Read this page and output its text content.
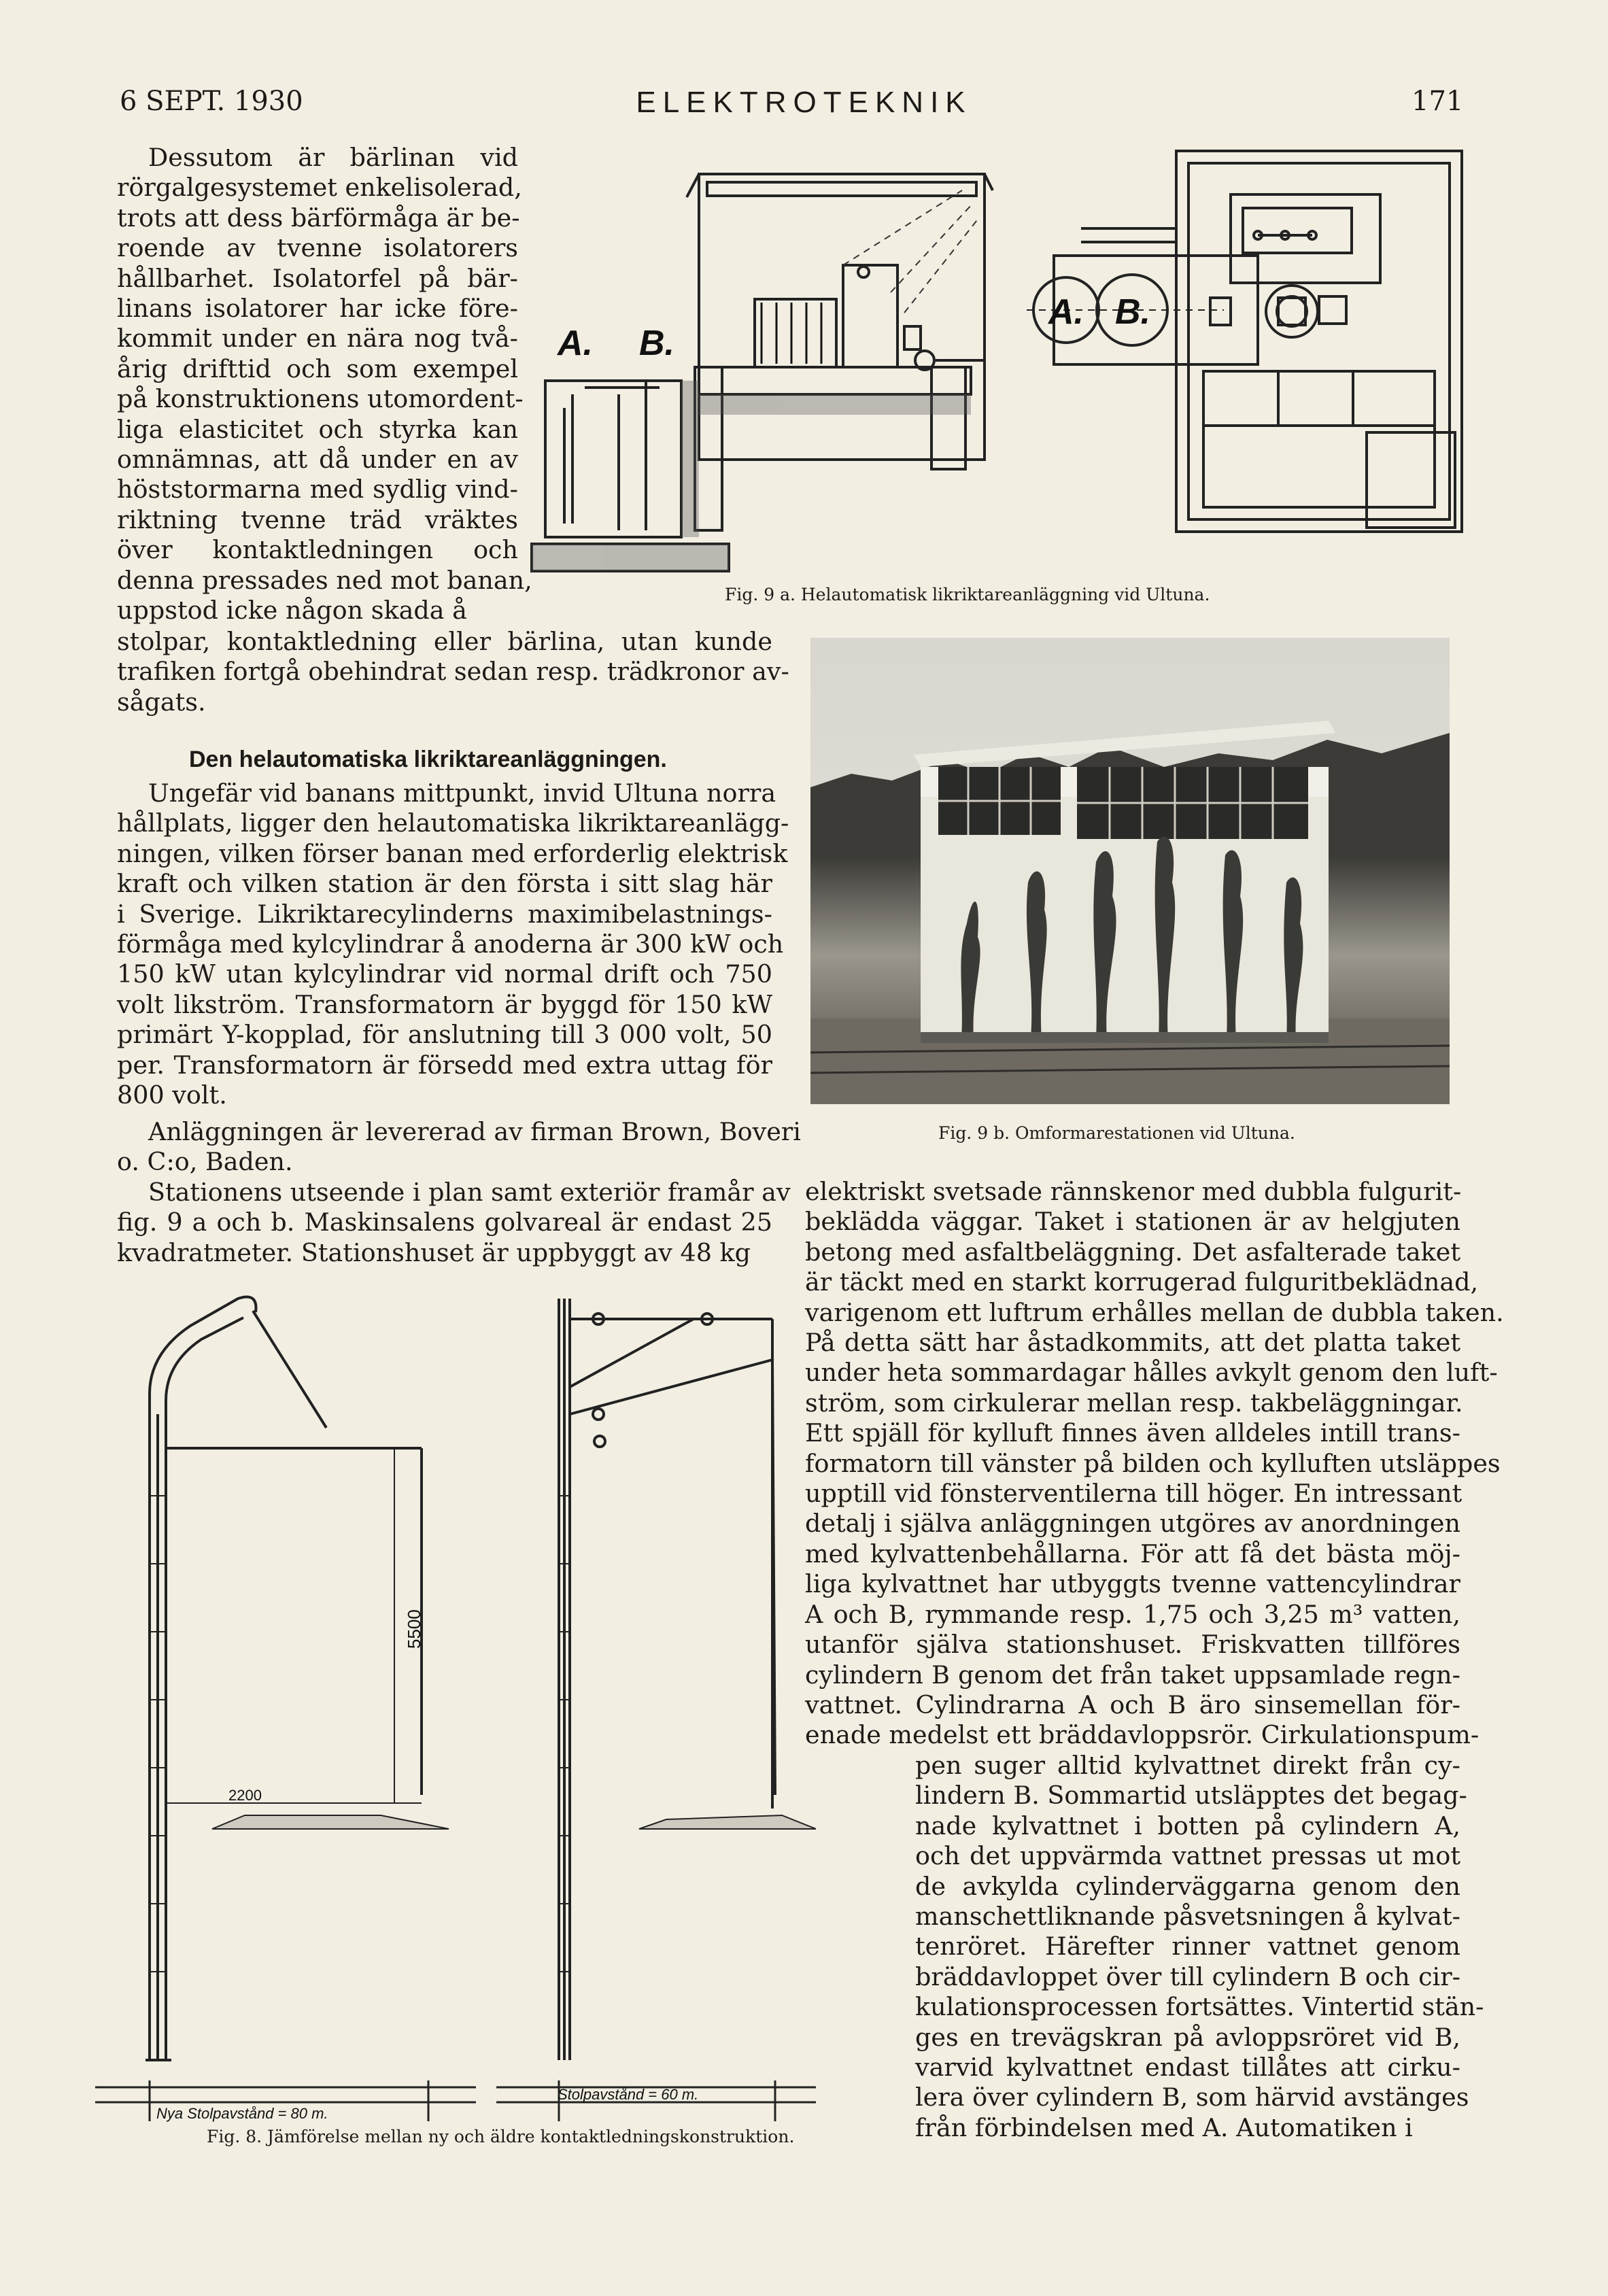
6 SEPT. 1930	ELEKTROTEKNIK	171
Dessutom är bärlinan vid
rörgalgesystemet enkelisolerad,
trots att dess bärförmåga är be-
roende av tvenne isolatorers
hållbarhet. Isolatorfel på bär-
linans isolatorer har icke före-
kommit under en nära nog två-
årig drifttid och som exempel
på konstruktionens utomordent-
liga elasticitet och styrka kan
omnämnas, att då under en av
höststormarna med sydlig vind-
riktning tvenne träd vräktes
över kontaktledningen och
denna pressades ned mot banan,
uppstod icke någon skada å
stolpar, kontaktledning eller bärlina, utan kunde
trafiken fortgå obehindrat sedan resp. trädkronor av-
sågats.
Den helautomatiska likriktareanläggningen.
Ungefär vid banans mittpunkt, invid Ultuna norra
hållplats, ligger den helautomatiska likriktareanlägg-
ningen, vilken förser banan med erforderlig elektrisk
kraft och vilken station är den första i sitt slag här
i Sverige. Likriktarecylinderns maximibelastnings-
förmåga med kylcylindrar å anoderna är 300 kW och
150 kW utan kylcylindrar vid normal drift och 750
volt likström. Transformatorn är byggd för 150 kW
primärt Y-kopplad, för anslutning till 3 000 volt, 50
per. Transformatorn är försedd med extra uttag för
800 volt.
Anläggningen är levererad av firman Brown, Boveri
o. C:o, Baden.
Stationens utseende i plan samt exteriör framår av
fig. 9 a och b. Maskinsalens golvareal är endast 25
kvadratmeter. Stationshuset är uppbyggt av 48 kg
elektriskt svetsade rännskenor med dubbla fulgurit-
beklädda väggar. Taket i stationen är av helgjuten
betong med asfaltbeläggning. Det asfalterade taket
är täckt med en starkt korrugerad fulguritbeklädnad,
varigenom ett luftrum erhålles mellan de dubbla taken.
På detta sätt har åstadkommits, att det platta taket
under heta sommardagar hålles avkylt genom den luft-
ström, som cirkulerar mellan resp. takbeläggningar.
Ett spjäll för kylluft finnes även alldeles intill trans-
formatorn till vänster på bilden och kylluften utsläppes
upptill vid fönsterventilerna till höger. En intressant
detalj i själva anläggningen utgöres av anordningen
med kylvattenbehållarna. För att få det bästa möj-
liga kylvattnet har utbyggts tvenne vattencylindrar
A och B, rymmande resp. 1,75 och 3,25 m³ vatten,
utanför själva stationshuset. Friskvatten tillföres
cylindern B genom det från taket uppsamlade regn-
vattnet. Cylindrarna A och B äro sinsemellan för-
enade medelst ett bräddavloppsrör. Cirkulationspum-
pen suger alltid kylvattnet direkt från cy-
lindern B. Sommartid utsläpptes det begag-
nade kylvattnet i botten på cylindern A,
och det uppvärmda vattnet pressas ut mot
de avkylda cylinderväggarna genom den
manschettliknande påsvetsningen å kylvat-
tenröret. Härefter rinner vattnet genom
bräddavloppet över till cylindern B och cir-
kulationsprocessen fortsättes. Vintertid stän-
ges en trevägskran på avloppsröret vid B,
varvid kylvattnet endast tillåtes att cirku-
lera över cylindern B, som härvid avstänges
från förbindelsen med A. Automatiken i
A. B.
A. B.
Fig. 9 a. Helautomatisk likriktareanläggning vid Ultuna.
Fig. 9 b. Omformarestationen vid Ultuna.
5500
2200
Nya Stolpavstånd = 80 m.
Stolpavstånd = 60 m.
Fig. 8. Jämförelse mellan ny och äldre kontaktledningskonstruktion.
